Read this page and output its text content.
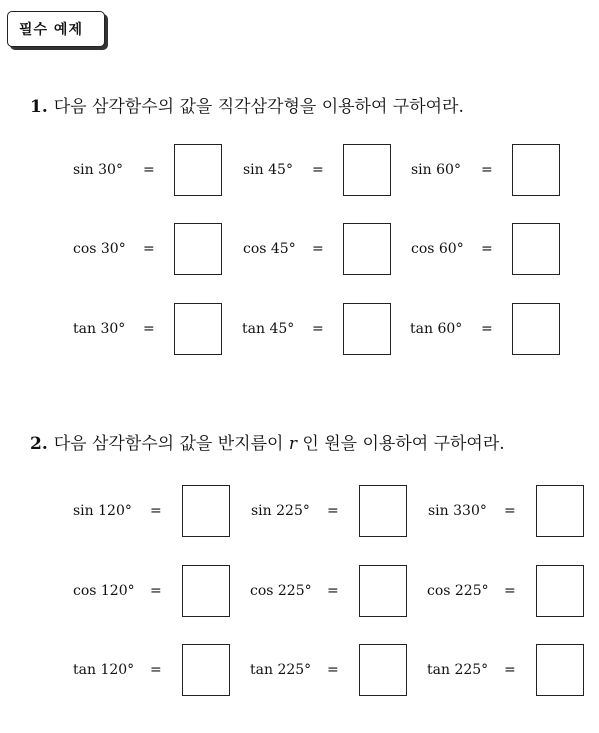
필수 예제
1. 다음 삼각함수의 값을 직각삼각형을 이용하여 구하여라.
sin 30° =	sin 45° =	sin 60° =
cos 30° =	cos 45° =	cos 60° =
tan 30° =	tan 45° =	tan 60° =
2. 다음 삼각함수의 값을 반지름이 r 인 원을 이용하여 구하여라.
sin 120° =	sin 225° =	sin 330° =
cos 120° =	cos 225° =	cos 225° =
tan 120° =	tan 225° =	tan 225° =
